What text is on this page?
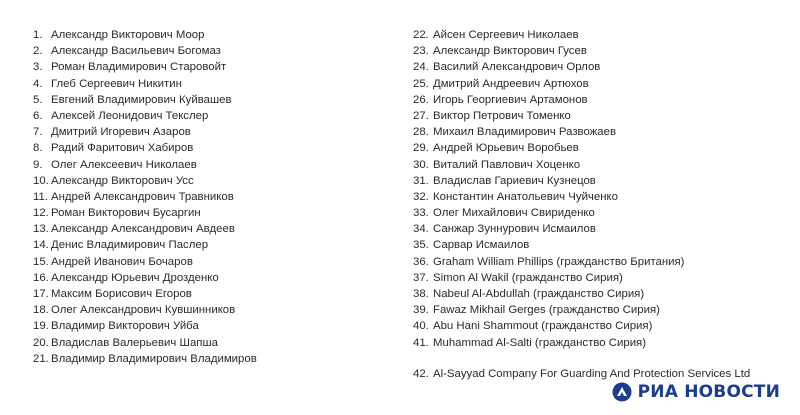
1. Александр Викторович Моор
2. Александр Васильевич Богомаз
3. Роман Владимирович Старовойт
4. Глеб Сергеевич Никитин
5. Евгений Владимирович Куйвашев
6. Алексей Леонидович Текслер
7. Дмитрий Игоревич Азаров
8. Радий Фаритович Хабиров
9. Олег Алексеевич Николаев
10. Александр Викторович Усс
11. Андрей Александрович Травников
12. Роман Викторович Бусаргин
13. Александр Александрович Авдеев
14. Денис Владимирович Паслер
15. Андрей Иванович Бочаров
16. Александр Юрьевич Дрозденко
17. Максим Борисович Егоров
18. Олег Александрович Кувшинников
19. Владимир Викторович Уйба
20. Владислав Валерьевич Шапша
21. Владимир Владимирович Владимиров
22. Айсен Сергеевич Николаев
23. Александр Викторович Гусев
24. Василий Александрович Орлов
25. Дмитрий Андреевич Артюхов
26. Игорь Георгиевич Артамонов
27. Виктор Петрович Томенко
28. Михаил Владимирович Развожаев
29. Андрей Юрьевич Воробьев
30. Виталий Павлович Хоценко
31. Владислав Гариевич Кузнецов
32. Константин Анатольевич Чуйченко
33. Олег Михайлович Свириденко
34. Санжар Зуннурович Исмаилов
35. Сарвар Исмаилов
36. Graham William Phillips (гражданство Британия)
37. Simon Al Wakil (гражданство Сирия)
38. Nabeul Al-Abdullah (гражданство Сирия)
39. Fawaz Mikhail Gerges (гражданство Сирия)
40. Abu Hani Shammout (гражданство Сирия)
41. Muhammad Al-Salti (гражданство Сирия)
42. Al-Sayyad Company For Guarding And Protection Services Ltd
РИА НОВОСТИ
